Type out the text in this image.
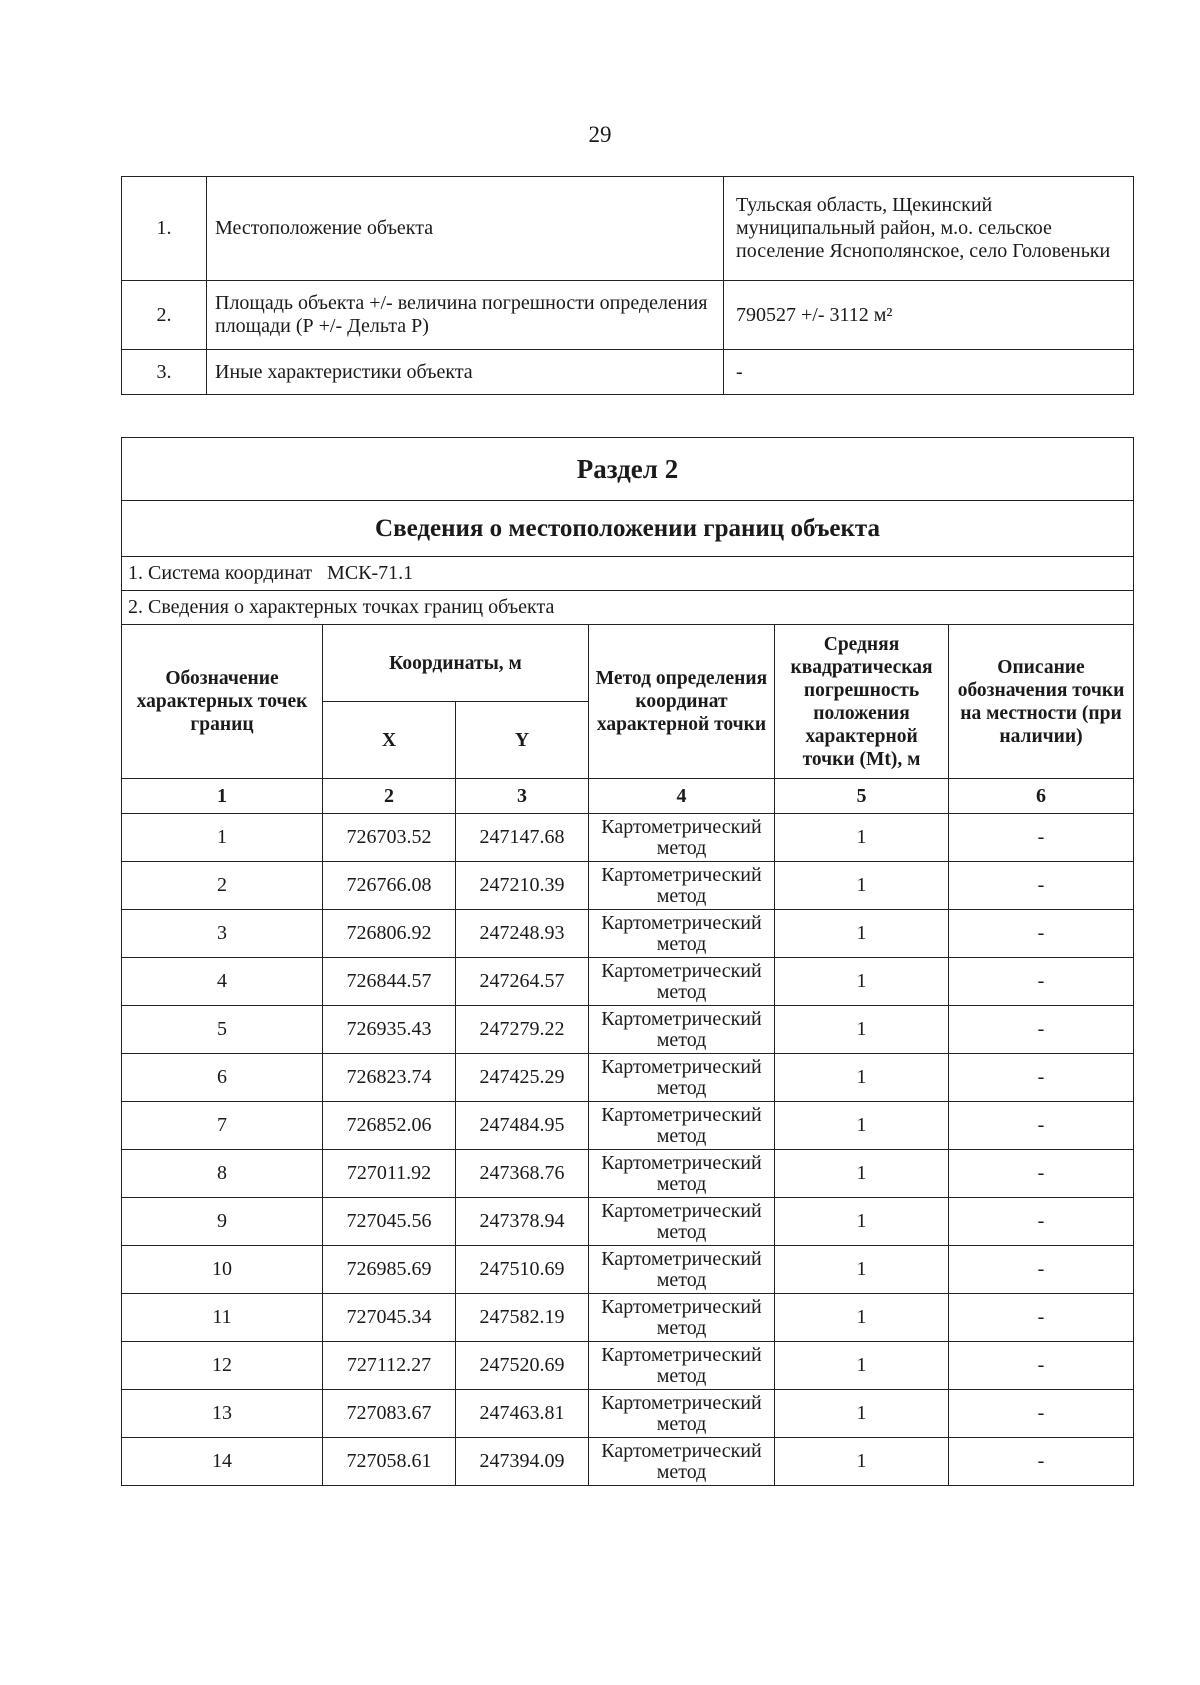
29
1.	Местоположение объекта	Тульская область, Щекинский муниципальный район, м.о. сельское поселение Яснополянское, село Головеньки
2.	Площадь объекта +/- величина погрешности определения площади (Р +/- Дельта Р)	790527 +/- 3112 м²
3.	Иные характеристики объекта	-
Раздел 2					
Сведения о местоположении границ объекта					
1. Система координат   МСК-71.1					
2. Сведения о характерных точках границ объекта					
Обозначение характерных точек границ	Координаты, м		Метод определения координат характерной точки	Средняя квадратическая погрешность положения характерной точки (Mt), м	Описание обозначения точки на местности (при наличии)
	X	Y			
1	2	3	4	5	6
1	726703.52	247147.68	Картометрический метод	1	-
2	726766.08	247210.39	Картометрический метод	1	-
3	726806.92	247248.93	Картометрический метод	1	-
4	726844.57	247264.57	Картометрический метод	1	-
5	726935.43	247279.22	Картометрический метод	1	-
6	726823.74	247425.29	Картометрический метод	1	-
7	726852.06	247484.95	Картометрический метод	1	-
8	727011.92	247368.76	Картометрический метод	1	-
9	727045.56	247378.94	Картометрический метод	1	-
10	726985.69	247510.69	Картометрический метод	1	-
11	727045.34	247582.19	Картометрический метод	1	-
12	727112.27	247520.69	Картометрический метод	1	-
13	727083.67	247463.81	Картометрический метод	1	-
14	727058.61	247394.09	Картометрический метод	1	-
